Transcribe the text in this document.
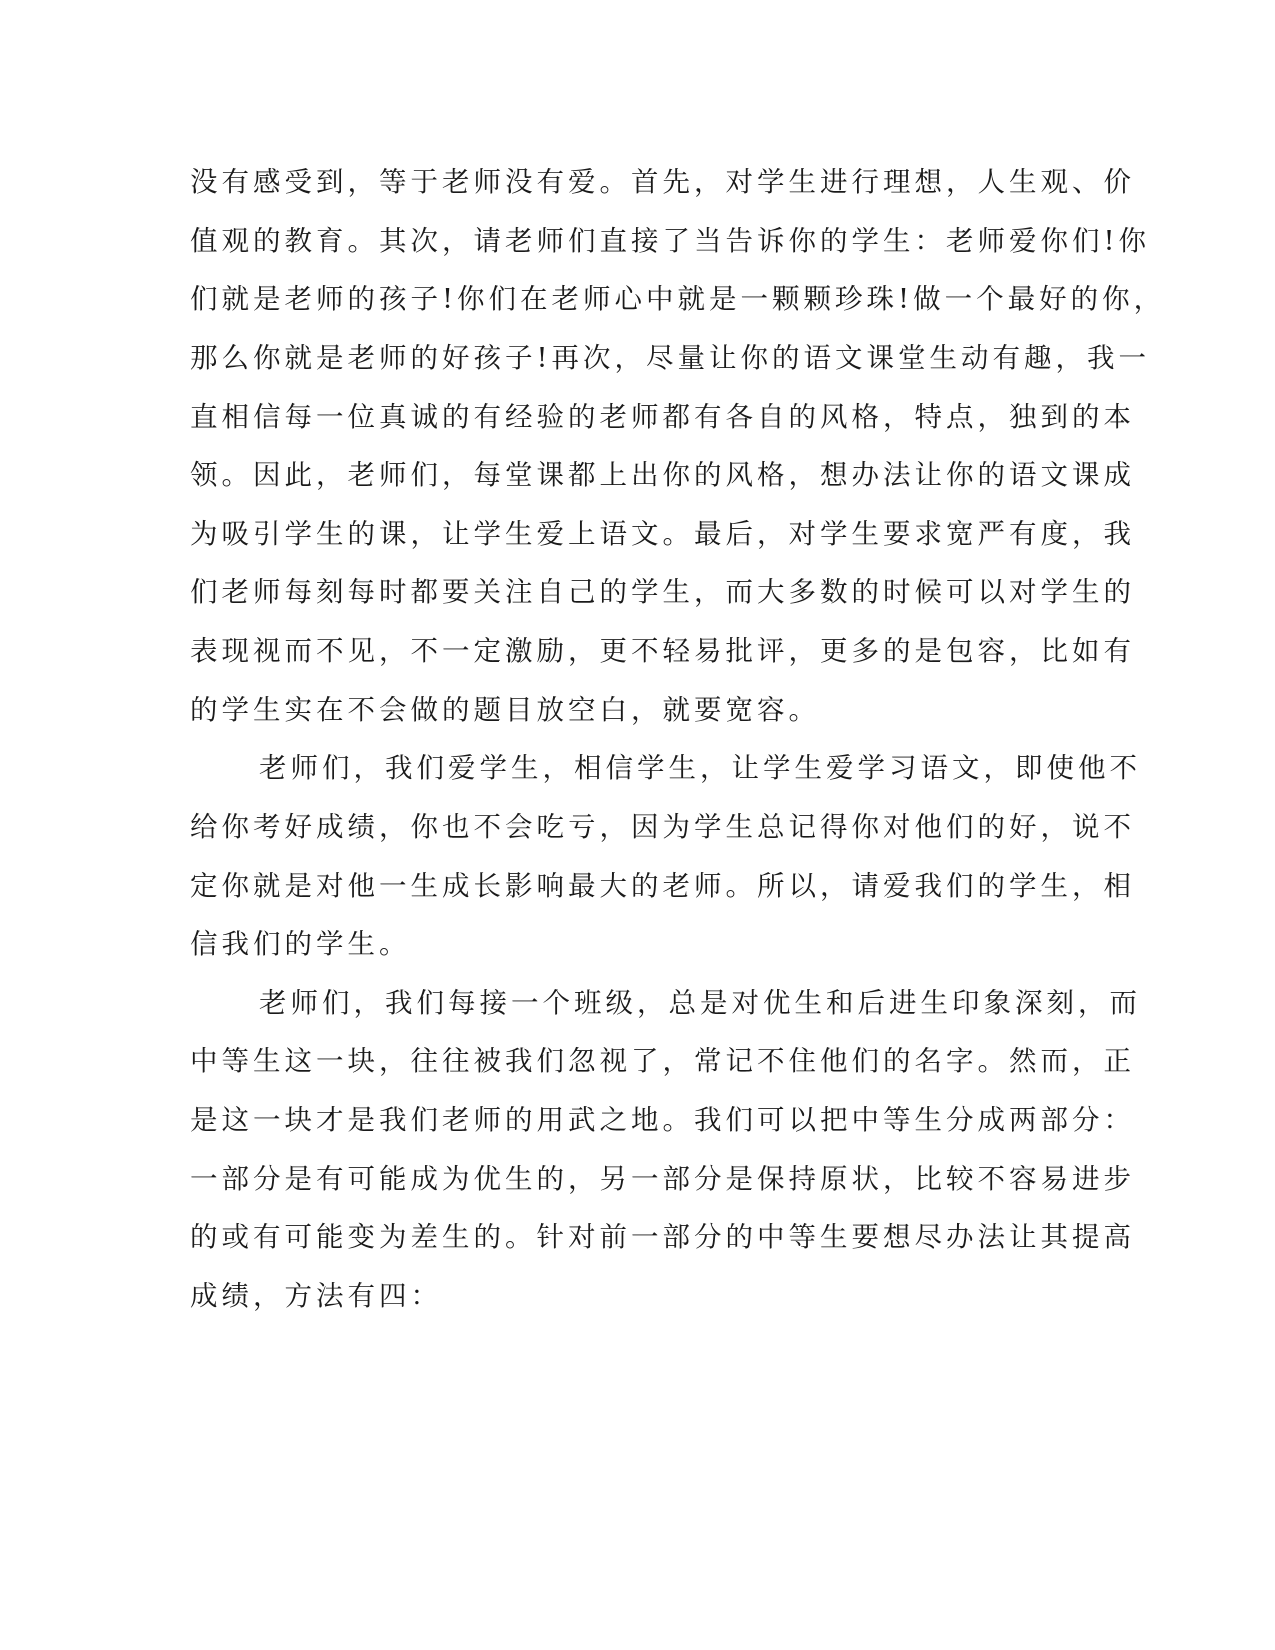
没有感受到，等于老师没有爱。首先，对学生进行理想，人生观、价
值观的教育。其次，请老师们直接了当告诉你的学生：老师爱你们!你
们就是老师的孩子!你们在老师心中就是一颗颗珍珠!做一个最好的你，
那么你就是老师的好孩子!再次，尽量让你的语文课堂生动有趣，我一
直相信每一位真诚的有经验的老师都有各自的风格，特点，独到的本
领。因此，老师们，每堂课都上出你的风格，想办法让你的语文课成
为吸引学生的课，让学生爱上语文。最后，对学生要求宽严有度，我
们老师每刻每时都要关注自己的学生，而大多数的时候可以对学生的
表现视而不见，不一定激励，更不轻易批评，更多的是包容，比如有
的学生实在不会做的题目放空白，就要宽容。
老师们，我们爱学生，相信学生，让学生爱学习语文，即使他不
给你考好成绩，你也不会吃亏，因为学生总记得你对他们的好，说不
定你就是对他一生成长影响最大的老师。所以，请爱我们的学生，相
信我们的学生。
老师们，我们每接一个班级，总是对优生和后进生印象深刻，而
中等生这一块，往往被我们忽视了，常记不住他们的名字。然而，正
是这一块才是我们老师的用武之地。我们可以把中等生分成两部分：
一部分是有可能成为优生的，另一部分是保持原状，比较不容易进步
的或有可能变为差生的。针对前一部分的中等生要想尽办法让其提高
成绩，方法有四：
